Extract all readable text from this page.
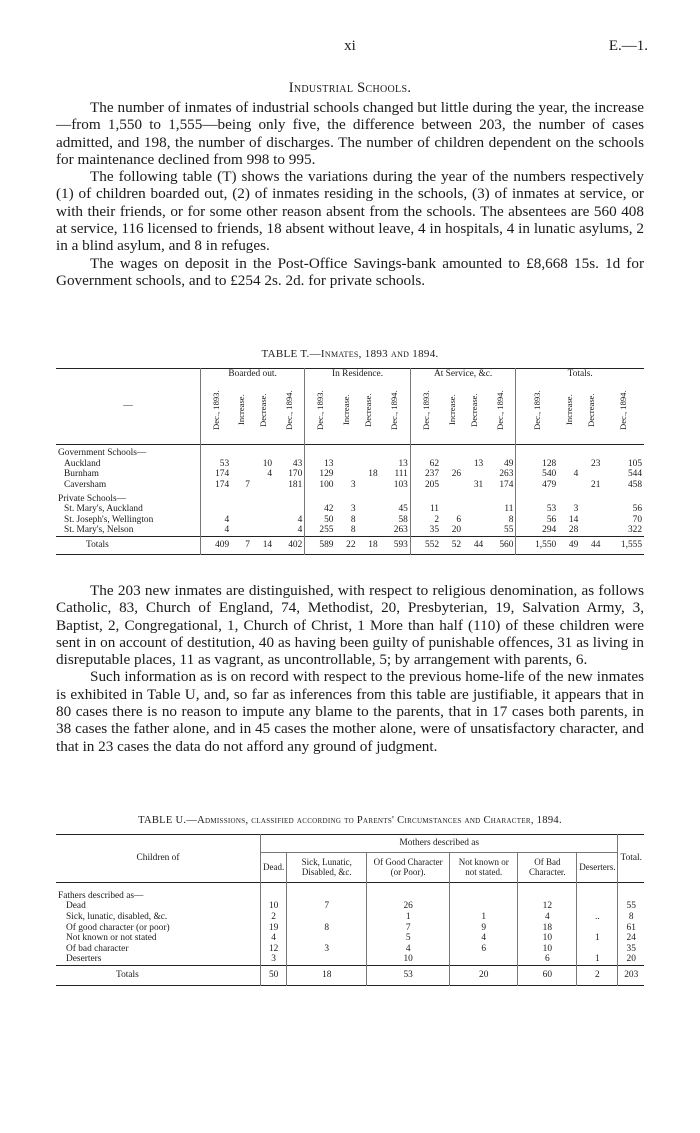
xi	E.—1.
Industrial Schools.

The number of inmates of industrial schools changed but little during the year, the increase—from 1,550 to 1,555—being only five, the difference between 203, the number of cases admitted, and 198, the number of discharges. The number of children dependent on the schools for maintenance declined from 998 to 995.

The following table (T) shows the variations during the year of the numbers respectively (1) of children boarded out, (2) of inmates residing in the schools, (3) of inmates at service, or with their friends, or for some other reason absent from the schools. The absentees are 560 408 at service, 116 licensed to friends, 18 absent without leave, 4 in hospitals, 4 in lunatic asylums, 2 in a blind asylum, and 8 in refuges.

The wages on deposit in the Post-Office Savings-bank amounted to £8,668 15s. 1d for Government schools, and to £254 2s. 2d. for private schools.

TABLE T.—Inmates, 1893 and 1894.
—	Boarded out.				In Residence.				At Service, &c.				Totals.			
	Dec., 1893.	Increase.	Decrease.	Dec., 1894.	Dec., 1893.	Increase.	Decrease.	Dec., 1894.	Dec., 1893.	Increase.	Decrease.	Dec., 1894.	Dec., 1893.	Increase.	Decrease.	Dec., 1894.
Government Schools—																
Auckland	53		10	43	13			13	62		13	49	128		23	105
Burnham	174		4	170	129		18	111	237	26		263	540	4		544
Caversham	174	7		181	100	3		103	205		31	174	479		21	458
Private Schools—																
St. Mary's, Auckland					42	3		45	11			11	53	3		56
St. Joseph's, Wellington	4			4	50	8		58	2	6		8	56	14		70
St. Mary's, Nelson	4			4	255	8		263	35	20		55	294	28		322
Totals	409	7	14	402	589	22	18	593	552	52	44	560	1,550	49	44	1,555

The 203 new inmates are distinguished, with respect to religious denomination, as follows Catholic, 83, Church of England, 74, Methodist, 20, Presbyterian, 19, Salvation Army, 3, Baptist, 2, Congregational, 1, Church of Christ, 1 More than half (110) of these children were sent in on account of destitution, 40 as having been guilty of punishable offences, 31 as living in disreputable places, 11 as vagrant, as uncontrollable, 5; by arrangement with parents, 6.

Such information as is on record with respect to the previous home-life of the new inmates is exhibited in Table U, and, so far as inferences from this table are justifiable, it appears that in 80 cases there is no reason to impute any blame to the parents, that in 17 cases both parents, in 38 cases the father alone, and in 45 cases the mother alone, were of unsatisfactory character, and that in 23 cases the data do not afford any ground of judgment.

TABLE U.—Admissions, classified according to Parents' Circumstances and Character, 1894.
Children of	Mothers described as						Total.
	Dead.	Sick, Lunatic, Disabled, &c.	Of Good Character (or Poor).	Not known or not stated.	Of Bad Character.	Deserters.	
Fathers described as—							
Dead	10	7	26		12		55
Sick, lunatic, disabled, &c.	2		1	1	4	..	8
Of good character (or poor)	19	8	7	9	18		61
Not known or not stated	4		5	4	10	1	24
Of bad character	12	3	4	6	10		35
Deserters	3		10		6	1	20
Totals	50	18	53	20	60	2	203
